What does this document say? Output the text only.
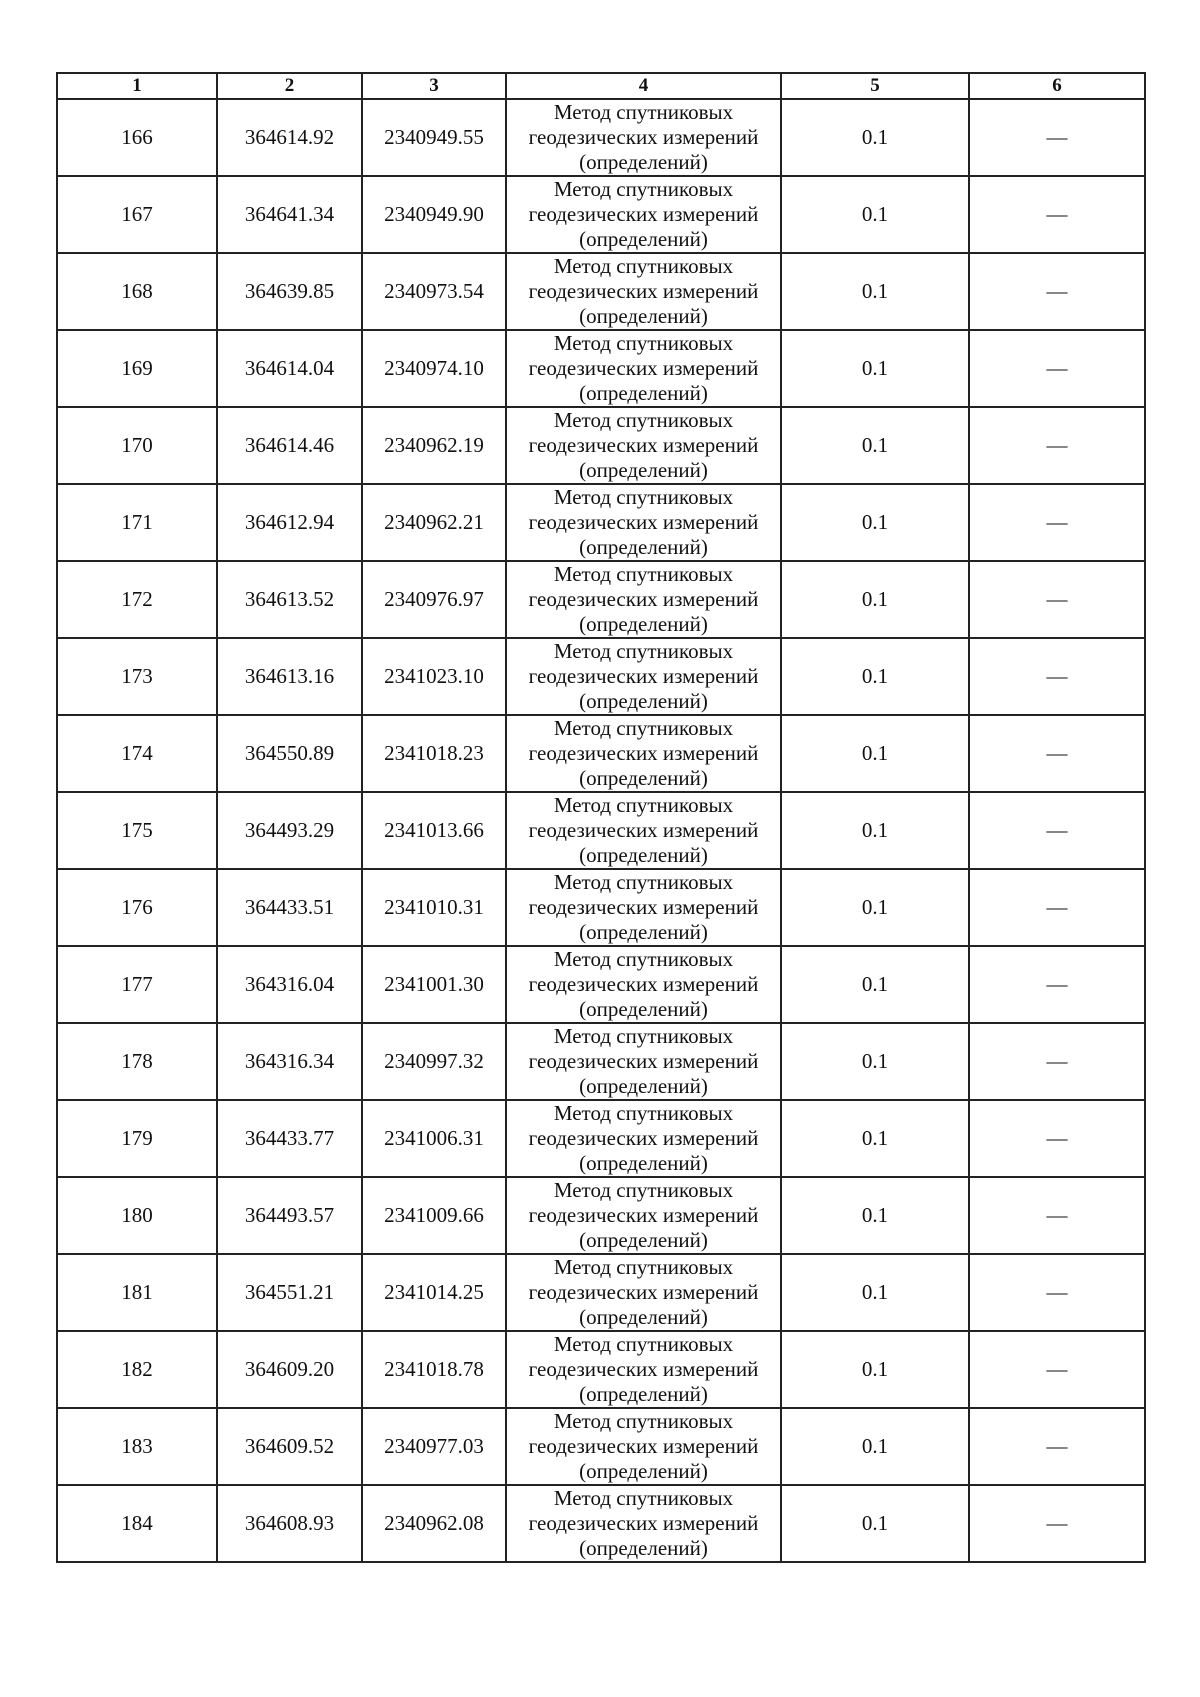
1	2	3	4	5	6
166	364614.92	2340949.55	Метод спутниковых
геодезических измерений
(определений)	0.1	—
167	364641.34	2340949.90	Метод спутниковых
геодезических измерений
(определений)	0.1	—
168	364639.85	2340973.54	Метод спутниковых
геодезических измерений
(определений)	0.1	—
169	364614.04	2340974.10	Метод спутниковых
геодезических измерений
(определений)	0.1	—
170	364614.46	2340962.19	Метод спутниковых
геодезических измерений
(определений)	0.1	—
171	364612.94	2340962.21	Метод спутниковых
геодезических измерений
(определений)	0.1	—
172	364613.52	2340976.97	Метод спутниковых
геодезических измерений
(определений)	0.1	—
173	364613.16	2341023.10	Метод спутниковых
геодезических измерений
(определений)	0.1	—
174	364550.89	2341018.23	Метод спутниковых
геодезических измерений
(определений)	0.1	—
175	364493.29	2341013.66	Метод спутниковых
геодезических измерений
(определений)	0.1	—
176	364433.51	2341010.31	Метод спутниковых
геодезических измерений
(определений)	0.1	—
177	364316.04	2341001.30	Метод спутниковых
геодезических измерений
(определений)	0.1	—
178	364316.34	2340997.32	Метод спутниковых
геодезических измерений
(определений)	0.1	—
179	364433.77	2341006.31	Метод спутниковых
геодезических измерений
(определений)	0.1	—
180	364493.57	2341009.66	Метод спутниковых
геодезических измерений
(определений)	0.1	—
181	364551.21	2341014.25	Метод спутниковых
геодезических измерений
(определений)	0.1	—
182	364609.20	2341018.78	Метод спутниковых
геодезических измерений
(определений)	0.1	—
183	364609.52	2340977.03	Метод спутниковых
геодезических измерений
(определений)	0.1	—
184	364608.93	2340962.08	Метод спутниковых
геодезических измерений
(определений)	0.1	—
